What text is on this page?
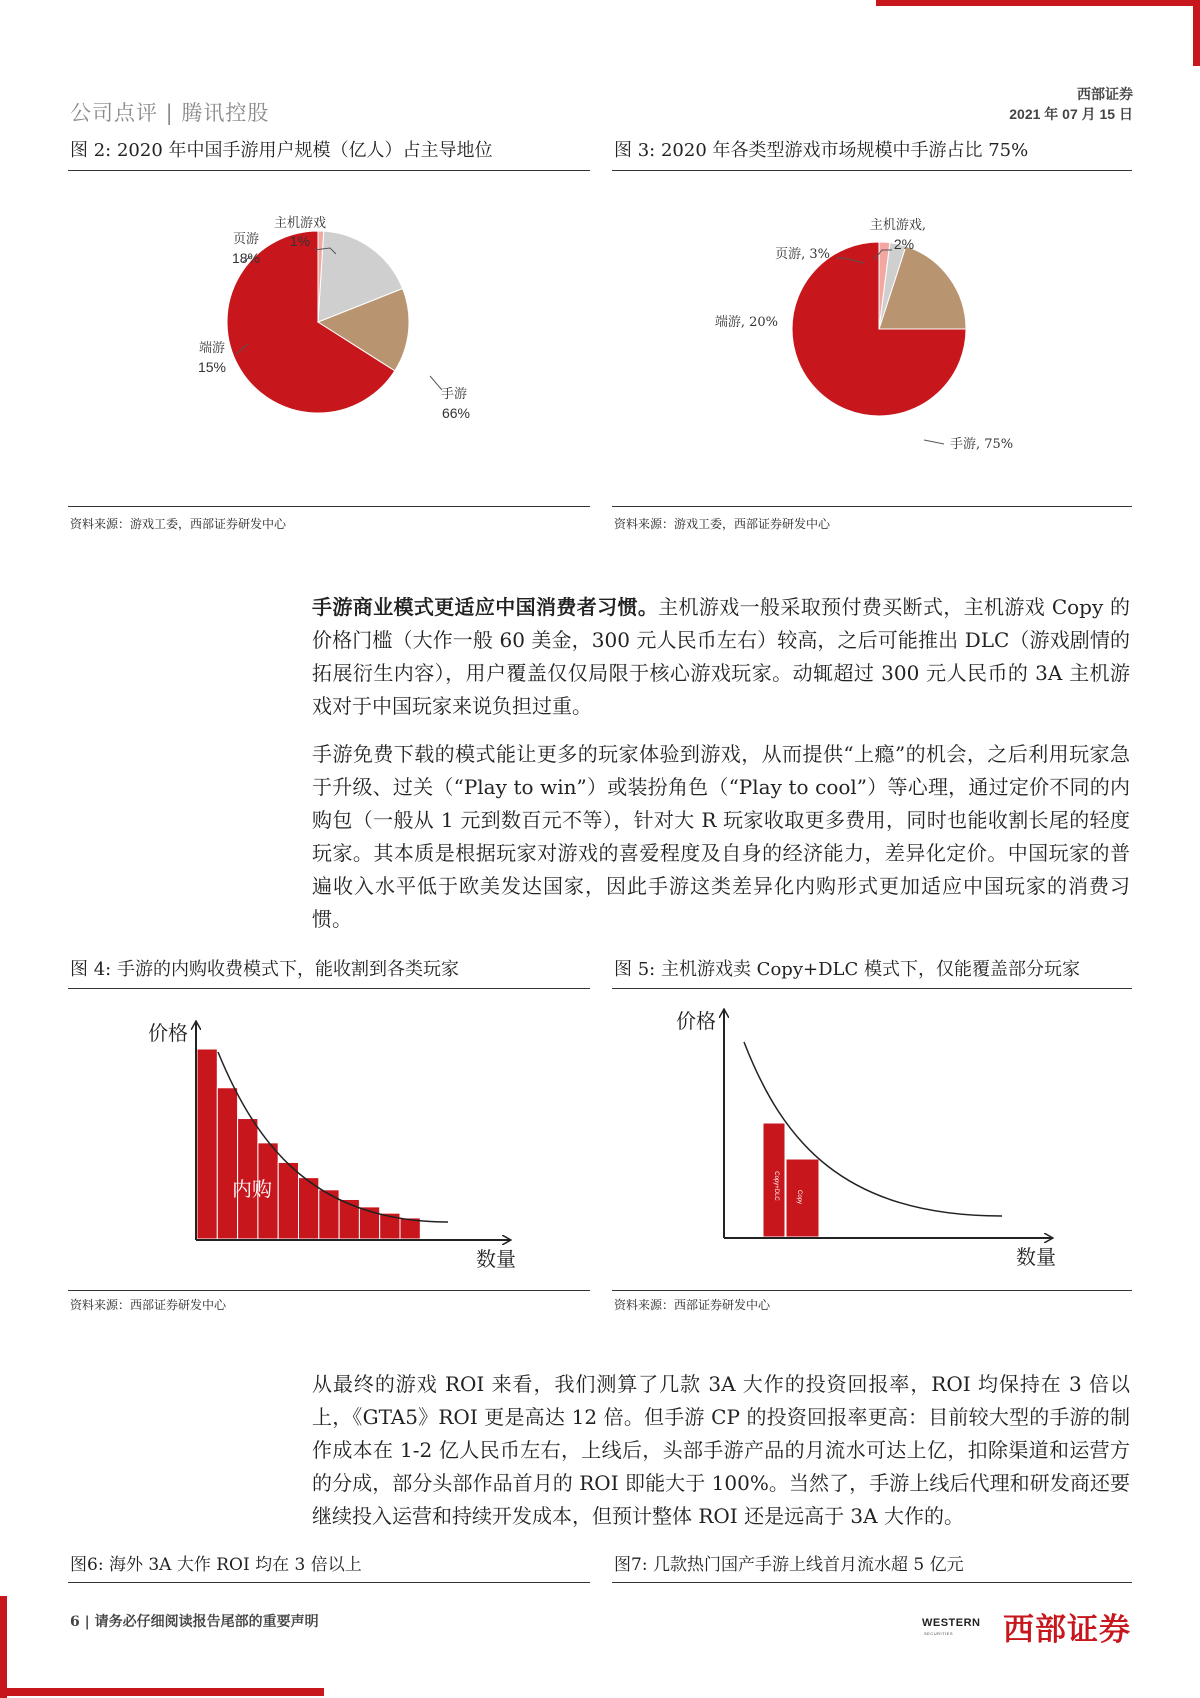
公司点评 | 腾讯控股
西部证券
2021 年 07 月 15 日
图 2: 2020 年中国手游用户规模（亿人）占主导地位
主机游戏
1%
页游
18%
端游
15%
手游
66%
资料来源：游戏工委，西部证券研发中心
图 3: 2020 年各类型游戏市场规模中手游占比 75%
主机游戏,
2%
页游, 3%
端游, 20%
手游, 75%
资料来源：游戏工委，西部证券研发中心
手游商业模式更适应中国消费者习惯。主机游戏一般采取预付费买断式，主机游戏 Copy 的价格门槛（大作一般 60 美金，300 元人民币左右）较高，之后可能推出 DLC（游戏剧情的拓展衍生内容），用户覆盖仅仅局限于核心游戏玩家。动辄超过 300 元人民币的 3A 主机游戏对于中国玩家来说负担过重。
手游免费下载的模式能让更多的玩家体验到游戏，从而提供“上瘾”的机会，之后利用玩家急于升级、过关（“Play to win”）或装扮角色（“Play to cool”）等心理，通过定价不同的内购包（一般从 1 元到数百元不等），针对大 R 玩家收取更多费用，同时也能收割长尾的轻度玩家。其本质是根据玩家对游戏的喜爱程度及自身的经济能力，差异化定价。中国玩家的普遍收入水平低于欧美发达国家，因此手游这类差异化内购形式更加适应中国玩家的消费习惯。
图 4: 手游的内购收费模式下，能收割到各类玩家
价格
数量
内购
资料来源：西部证券研发中心
图 5: 主机游戏卖 Copy+DLC 模式下，仅能覆盖部分玩家
价格
数量
Copy+DLC	Copy
资料来源：西部证券研发中心
从最终的游戏 ROI 来看，我们测算了几款 3A 大作的投资回报率，ROI 均保持在 3 倍以上，《GTA5》ROI 更是高达 12 倍。但手游 CP 的投资回报率更高：目前较大型的手游的制作成本在 1-2 亿人民币左右，上线后，头部手游产品的月流水可达上亿，扣除渠道和运营方的分成，部分头部作品首月的 ROI 即能大于 100%。当然了，手游上线后代理和研发商还要继续投入运营和持续开发成本，但预计整体 ROI 还是远高于 3A 大作的。
图6: 海外 3A 大作 ROI 均在 3 倍以上	图7: 几款热门国产手游上线首月流水超 5 亿元
6 | 请务必仔细阅读报告尾部的重要声明	WESTERN
SECURITIES 西部证券
